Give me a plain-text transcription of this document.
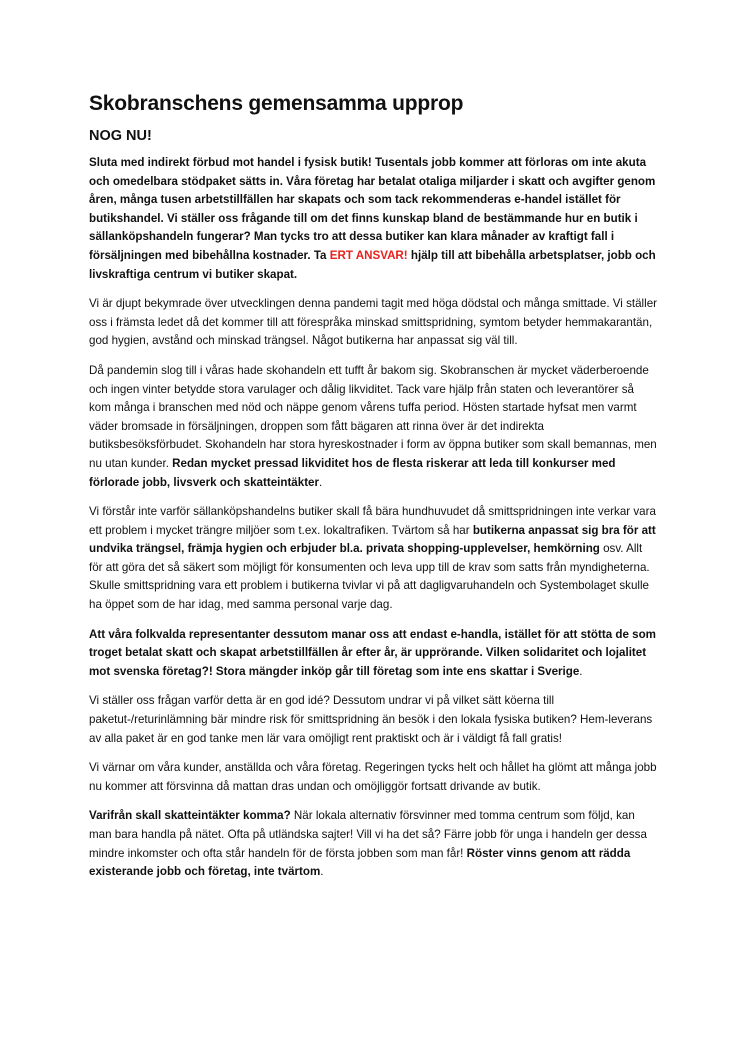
Skobranschens gemensamma upprop
NOG NU!

Sluta med indirekt förbud mot handel i fysisk butik! Tusentals jobb kommer att förloras om inte akuta och omedelbara stödpaket sätts in. Våra företag har betalat otaliga miljarder i skatt och avgifter genom åren, många tusen arbetstillfällen har skapats och som tack rekommenderas e-handel istället för butikshandel. Vi ställer oss frågande till om det finns kunskap bland de bestämmande hur en butik i sällanköpshandeln fungerar? Man tycks tro att dessa butiker kan klara månader av kraftigt fall i försäljningen med bibehållna kostnader. Ta ERT ANSVAR! hjälp till att bibehålla arbetsplatser, jobb och livskraftiga centrum vi butiker skapat.

Vi är djupt bekymrade över utvecklingen denna pandemi tagit med höga dödstal och många smittade. Vi ställer oss i främsta ledet då det kommer till att förespråka minskad smittspridning, symtom betyder hemmakarantän, god hygien, avstånd och minskad trängsel. Något butikerna har anpassat sig väl till.

Då pandemin slog till i våras hade skohandeln ett tufft år bakom sig. Skobranschen är mycket väderberoende och ingen vinter betydde stora varulager och dålig likviditet. Tack vare hjälp från staten och leverantörer så kom många i branschen med nöd och näppe genom vårens tuffa period. Hösten startade hyfsat men varmt väder bromsade in försäljningen, droppen som fått bägaren att rinna över är det indirekta butiksbesöksförbudet. Skohandeln har stora hyreskostnader i form av öppna butiker som skall bemannas, men nu utan kunder. Redan mycket pressad likviditet hos de flesta riskerar att leda till konkurser med förlorade jobb, livsverk och skatteintäkter.

Vi förstår inte varför sällanköpshandelns butiker skall få bära hundhuvudet då smittspridningen inte verkar vara ett problem i mycket trängre miljöer som t.ex. lokaltrafiken. Tvärtom så har butikerna anpassat sig bra för att undvika trängsel, främja hygien och erbjuder bl.a. privata shopping-upplevelser, hemkörning osv. Allt för att göra det så säkert som möjligt för konsumenten och leva upp till de krav som satts från myndigheterna. Skulle smittspridning vara ett problem i butikerna tvivlar vi på att dagligvaruhandeln och Systembolaget skulle ha öppet som de har idag, med samma personal varje dag.

Att våra folkvalda representanter dessutom manar oss att endast e-handla, istället för att stötta de som troget betalat skatt och skapat arbetstillfällen år efter år, är upprörande. Vilken solidaritet och lojalitet mot svenska företag?! Stora mängder inköp går till företag som inte ens skattar i Sverige.

Vi ställer oss frågan varför detta är en god idé? Dessutom undrar vi på vilket sätt köerna till paketut-/returinlämning bär mindre risk för smittspridning än besök i den lokala fysiska butiken? Hem-leverans av alla paket är en god tanke men lär vara omöjligt rent praktiskt och är i väldigt få fall gratis!

Vi värnar om våra kunder, anställda och våra företag. Regeringen tycks helt och hållet ha glömt att många jobb nu kommer att försvinna då mattan dras undan och omöjliggör fortsatt drivande av butik.

Varifrån skall skatteintäkter komma? När lokala alternativ försvinner med tomma centrum som följd, kan man bara handla på nätet. Ofta på utländska sajter! Vill vi ha det så? Färre jobb för unga i handeln ger dessa mindre inkomster och ofta står handeln för de första jobben som man får! Röster vinns genom att rädda existerande jobb och företag, inte tvärtom.
